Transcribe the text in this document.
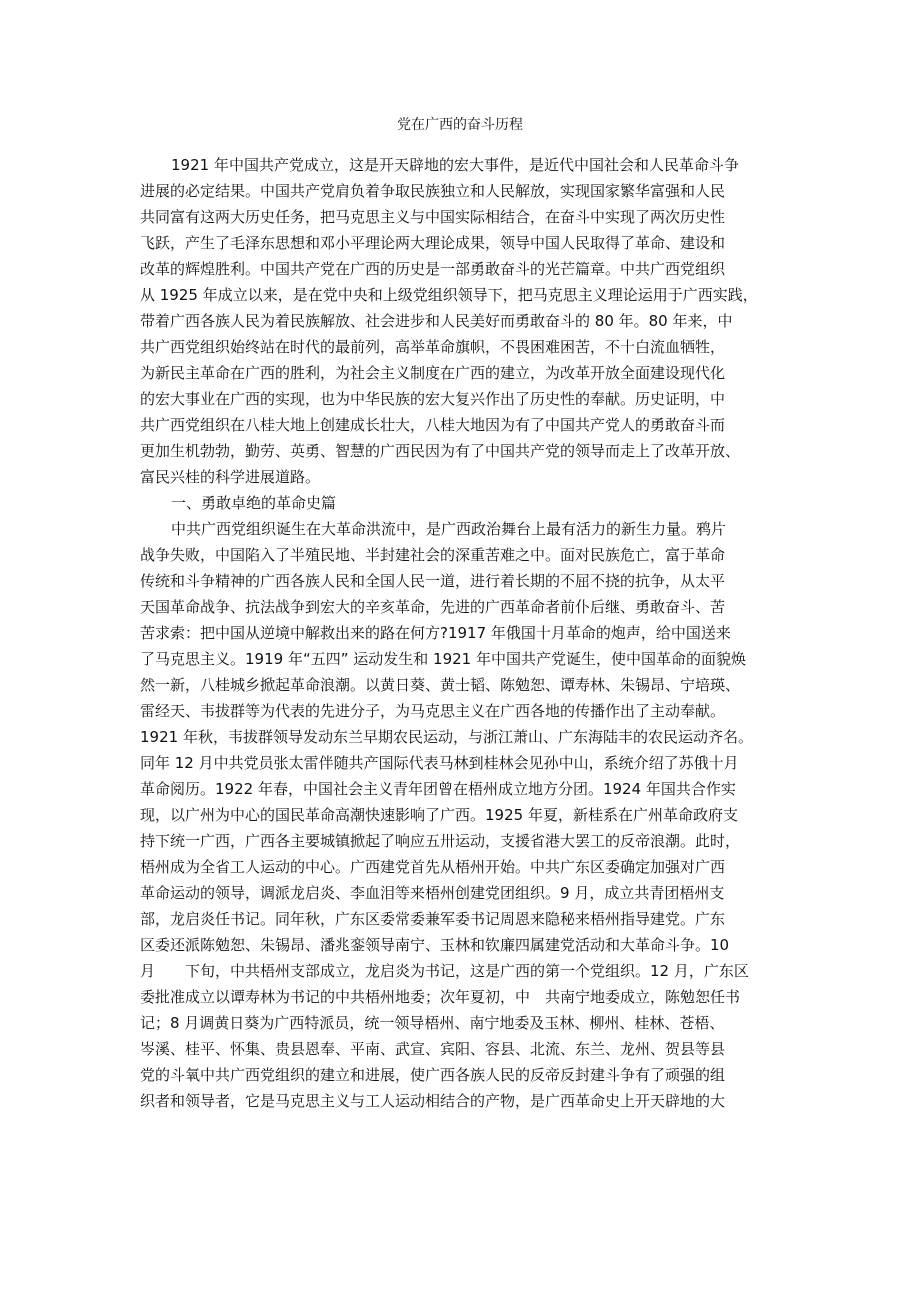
党在广西的奋斗历程
1921 年中国共产党成立，这是开天辟地的宏大事件，是近代中国社会和人民革命斗争
进展的必定结果。中国共产党肩负着争取民族独立和人民解放，实现国家繁华富强和人民
共同富有这两大历史任务，把马克思主义与中国实际相结合，在奋斗中实现了两次历史性
飞跃，产生了毛泽东思想和邓小平理论两大理论成果，领导中国人民取得了革命、建设和
改革的辉煌胜利。中国共产党在广西的历史是一部勇敢奋斗的光芒篇章。中共广西党组织
从 1925 年成立以来，是在党中央和上级党组织领导下，把马克思主义理论运用于广西实践，
带着广西各族人民为着民族解放、社会进步和人民美好而勇敢奋斗的 80 年。80 年来，中
共广西党组织始终站在时代的最前列，高举革命旗帜，不畏困难困苦，不十白流血牺牲，
为新民主革命在广西的胜利，为社会主义制度在广西的建立，为改革开放全面建设现代化
的宏大事业在广西的实现，也为中华民族的宏大复兴作出了历史性的奉献。历史证明，中
共广西党组织在八桂大地上创建成长壮大，八桂大地因为有了中国共产党人的勇敢奋斗而
更加生机勃勃，勤劳、英勇、智慧的广西民因为有了中国共产党的领导而走上了改革开放、
富民兴桂的科学进展道路。
一、勇敢卓绝的革命史篇
中共广西党组织诞生在大革命洪流中，是广西政治舞台上最有活力的新生力量。鸦片
战争失败，中国陷入了半殖民地、半封建社会的深重苦难之中。面对民族危亡，富于革命
传统和斗争精神的广西各族人民和全国人民一道，进行着长期的不屈不挠的抗争，从太平
天国革命战争、抗法战争到宏大的辛亥革命，先进的广西革命者前仆后继、勇敢奋斗、苦
苦求索：把中国从逆境中解救出来的路在何方?1917 年俄国十月革命的炮声，给中国送来
了马克思主义。1919 年“五四” 运动发生和 1921 年中国共产党诞生，使中国革命的面貌焕
然一新，八桂城乡掀起革命浪潮。以黄日葵、黄士韬、陈勉恕、谭寿林、朱锡昂、宁培瑛、
雷经天、韦拔群等为代表的先进分子，为马克思主义在广西各地的传播作出了主动奉献。
1921 年秋，韦拔群领导发动东兰早期农民运动，与浙江萧山、广东海陆丰的农民运动齐名。
同年 12 月中共党员张太雷伴随共产国际代表马林到桂林会见孙中山，系统介绍了苏俄十月
革命阅历。1922 年春，中国社会主义青年团曾在梧州成立地方分团。1924 年国共合作实
现，以广州为中心的国民革命高潮快速影响了广西。1925 年夏，新桂系在广州革命政府支
持下统一广西，广西各主要城镇掀起了响应五卅运动，支援省港大罢工的反帝浪潮。此时，
梧州成为全省工人运动的中心。广西建党首先从梧州开始。中共广东区委确定加强对广西
革命运动的领导，调派龙启炎、李血泪等来梧州创建党团组织。9 月，成立共青团梧州支
部，龙启炎任书记。同年秋，广东区委常委兼军委书记周恩来隐秘来梧州指导建党。广东
区委还派陈勉恕、朱锡昂、潘兆銮领导南宁、玉林和钦廉四属建党活动和大革命斗争。10
月　　下旬，中共梧州支部成立，龙启炎为书记，这是广西的第一个党组织。12 月，广东区
委批准成立以谭寿林为书记的中共梧州地委；次年夏初，中　共南宁地委成立，陈勉恕任书
记；8 月调黄日葵为广西特派员，统一领导梧州、南宁地委及玉林、柳州、桂林、苍梧、
岑溪、桂平、怀集、贵县恩奉、平南、武宣、宾阳、容县、北流、东兰、龙州、贺县等县
党的斗氧中共广西党组织的建立和进展，使广西各族人民的反帝反封建斗争有了顽强的组
织者和领导者，它是马克思主义与工人运动相结合的产物，是广西革命史上开天辟地的大
